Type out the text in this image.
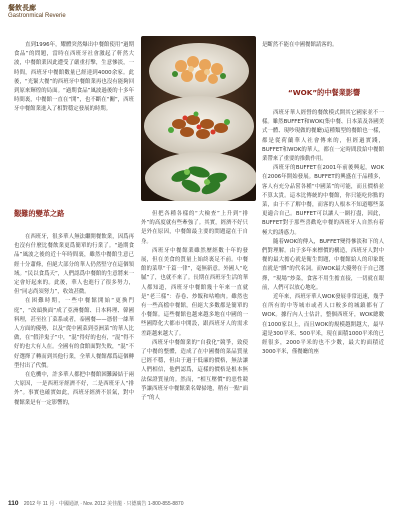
餐飲長廊
Gastronmical Reverie

直到1996年，耀體突然爆出中餐館使用“過期食品”的問題，當時在西班牙社會激起了軒然大波，中餐館業因此遭受了嚴重打擊，生意慘淡，一時間，西班牙中餐館數量已經達到4000余家。此後，“光緊大餐”的西班牙中餐館業再也沒有能夠回到原來輝煌的局面。“過期食品”風波過後的十多年時間裏，中餐館一直在“開”，也不斷在“關”，西班牙中餐館業進入了相對穩定發展的時期。

艱難的變革之路

在西班牙，很多華人無法繼開餐飲業，因爲再也沒有什麼比餐飲業更爲簡單的行業了。“過期食品”風波之後的近十年時間裏，雖然中餐館生意已經十分蕭條，但絕大部分的華人仍然堅守在這個領域。“民以食爲天”，人們認爲中餐館的生意將來一定會好起來的。此後，華人也進行了很多努力，但“同志尚須努力”，收效甚微。

在困難時期，一些中餐館開始“更換門庭”，“改頭換面”成了亞洲餐館、日本料理、韓國料理，甚至拉丁菜系或者，泰國餐——憑借一絲華人方面的優勢，以及“從中國菜到亞洲菜”的華人比做，在“假洋鬼子”中，“混”得好的也有，“混”得不好的也大有人在。全國有的食館面對失敗，“混”不好選擇了轉而到其他行業，全華人餐館都爲這個轉型付出了代價。

在危機中，許多華人都把中餐館困難歸結于兩大原因，一是西班牙經濟不好，二是西班牙人“排外”。事實也確實如此，西班牙經濟不景氣，對中餐館業是有一定影響的，

但把各種各樣的“大檢查”上升到“排外”的高度就有些牽強了。其實，經濟不好只是外在原因，中餐館最主要的問題還在于自身。

西班牙中餐館業雖然歷經數十年的發展，但在美食的質量上始終裏足不前。中餐館的菜單“千篇一律”，毫無新意。外國人“吃膩”了，也就不來了。長期在西班牙生活的華人都知道，西班牙中餐館幾十年來一直就是“老三樣”：春卷、炒飯和咕嚕肉。雖然也有一些高檔中餐館，但絕大多數都是簡單的小餐館。這些餐館也越來越多地在中國的一些國際化大都市中開設，跟西班牙人的需求差距越來越大了。

西班牙中餐館業的“自我化”競爭，致使了中餐的整體，造成了在中國餐的菜品質量已經不穩，但由于過于低廉的價格，無法讓人們相信，他們認爲，這樣的價格是根本無法保證質量的。然而，“相互壓價”的惡性競爭讓西班牙中餐館業名聲掃地，稍有一點“面子”的人

是斷然不能在中國餐館請客的。

“WOK”的中餐業影響

西班牙華人經營的餐飲模式開其它國家並不一樣。雖然BUFFET和WOK(集中餐、日本菜及各國美式一體、現吵現做的餐廳)這種類型的餐館也一樣，都是從荷蘭華人社會傳來的，但經過實踐，BUFFET和WOK的華人，都在一定時間段給中餐館業帶來了重要的推動作用。

西班牙的BUFFET在2001年前後興起，WOK在2006年開始發展。BUFFET的興盛在于品種多，客人有充分品嘗各種“中國菜”的可能，而且價格並不算太貴。這本比傳統的中餐館，你只能吃你點的菜，由于不了解中餐，而客的人根本不知道哪些菜更適合自己。BUFFET可以讓人一網打盡，因此，BUFFET對于那些喜歡吃中餐的西班牙人自然有着極大的誘惑力。

隨着WOK的傳入，BUFFET變得慘淡和下的人們對理解。由于多年來標價的構造，西班牙人對中餐的最大擔心就是衛生問題，中餐館給人的印象既直就是“髒”的代名詞。而WOK最大優勢在于自己選擇，“現場”炒菜，食客不用生擔直接，一切就在眼前，人們可以放心地吃。

近年來，西班牙華人WOK發展非常迅速，幾乎在所有的中等城市或者人口較多的城鎮都有了WOK。據行內人士估計，整個西班牙，WOK總數在1000家以上，而且WOK的規模越開越大，最早還是300平米、500平米，現在面積1000平米的已經很多，2000平米的也不少數，最大的面積近3000平米，僅餐廳的座

110 2012 年 11 月 · 中國通訊 · Nov. 2012 美佳龍 · 只德廣告 1-800-855-8870
